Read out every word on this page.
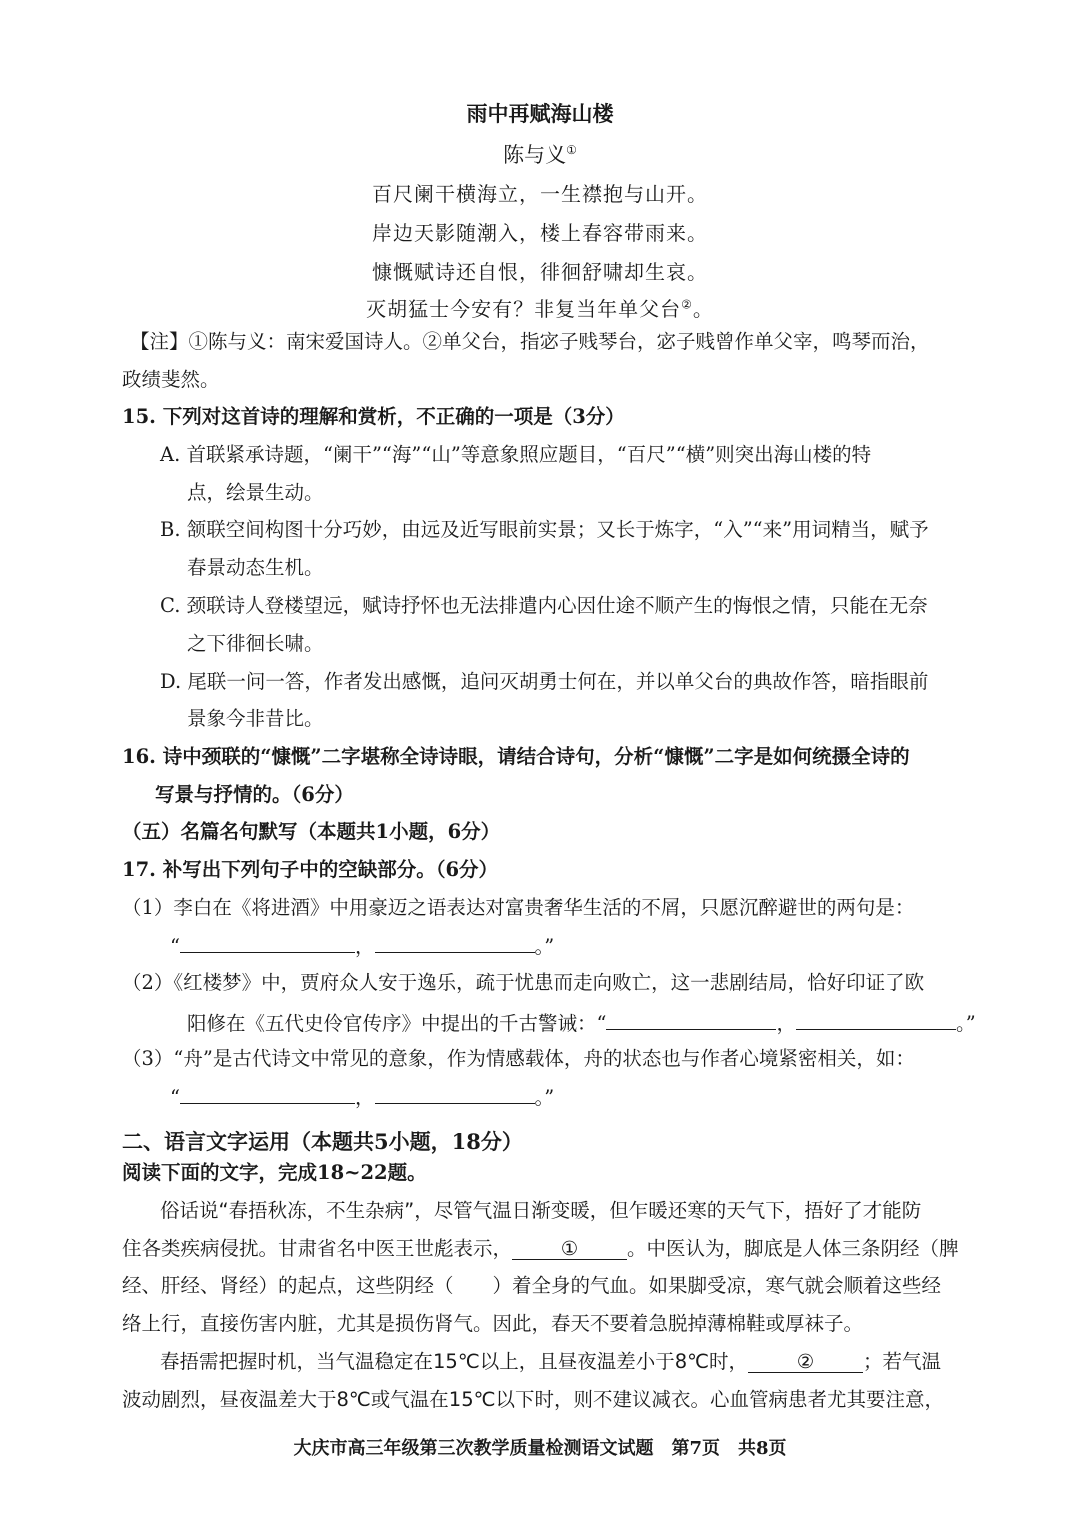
雨中再赋海山楼
陈与义①
百尺阑干横海立，一生襟抱与山开。
岸边天影随潮入，楼上春容带雨来。
慷慨赋诗还自恨，徘徊舒啸却生哀。
灭胡猛士今安有？非复当年单父台②。
【注】①陈与义：南宋爱国诗人。②单父台，指宓子贱琴台，宓子贱曾作单父宰，鸣琴而治，
政绩斐然。
15. 下列对这首诗的理解和赏析，不正确的一项是（3分）
A. 首联紧承诗题，“阑干”“海”“山”等意象照应题目，“百尺”“横”则突出海山楼的特
点，绘景生动。
B. 颔联空间构图十分巧妙，由远及近写眼前实景；又长于炼字，“入”“来”用词精当，赋予
春景动态生机。
C. 颈联诗人登楼望远，赋诗抒怀也无法排遣内心因仕途不顺产生的悔恨之情，只能在无奈
之下徘徊长啸。
D. 尾联一问一答，作者发出感慨，追问灭胡勇士何在，并以单父台的典故作答，暗指眼前
景象今非昔比。
16. 诗中颈联的“慷慨”二字堪称全诗诗眼，请结合诗句，分析“慷慨”二字是如何统摄全诗的
写景与抒情的。（6分）
（五）名篇名句默写（本题共1小题，6分）
17. 补写出下列句子中的空缺部分。（6分）
（1）李白在《将进酒》中用豪迈之语表达对富贵奢华生活的不屑，只愿沉醉避世的两句是：
“	，	。”
（2）《红楼梦》中，贾府众人安于逸乐，疏于忧患而走向败亡，这一悲剧结局，恰好印证了欧
阳修在《五代史伶官传序》中提出的千古警诫：“	，	。”
（3）“舟”是古代诗文中常见的意象，作为情感载体，舟的状态也与作者心境紧密相关，如：
“	，	。”
二、语言文字运用（本题共5小题，18分）
阅读下面的文字，完成18~22题。
俗话说“春捂秋冻，不生杂病”，尽管气温日渐变暖，但乍暖还寒的天气下，捂好了才能防
住各类疾病侵扰。甘肃省名中医王世彪表示，	①	。中医认为，脚底是人体三条阴经（脾
经、肝经、肾经）的起点，这些阴经（　　）着全身的气血。如果脚受凉，寒气就会顺着这些经
络上行，直接伤害内脏，尤其是损伤肾气。因此，春天不要着急脱掉薄棉鞋或厚袜子。
春捂需把握时机，当气温稳定在15℃以上，且昼夜温差小于8℃时，	②	；若气温
波动剧烈，昼夜温差大于8℃或气温在15℃以下时，则不建议减衣。心血管病患者尤其要注意，
大庆市高三年级第三次教学质量检测语文试题　第7页　共8页
